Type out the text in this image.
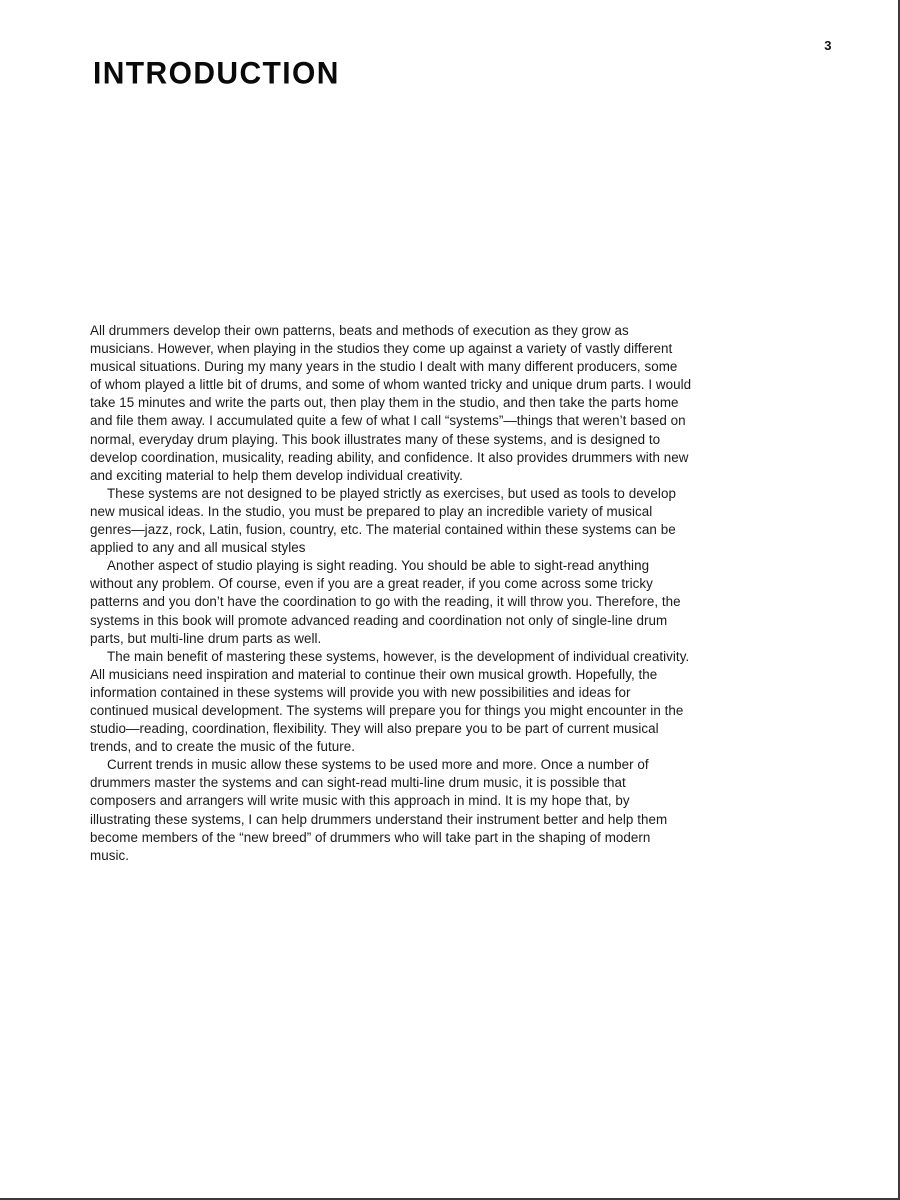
3
INTRODUCTION

All drummers develop their own patterns, beats and methods of execution as they grow as musicians. However, when playing in the studios they come up against a variety of vastly different musical situations. During my many years in the studio I dealt with many different producers, some of whom played a little bit of drums, and some of whom wanted tricky and unique drum parts. I would take 15 minutes and write the parts out, then play them in the studio, and then take the parts home and file them away. I accumulated quite a few of what I call “systems”—things that weren’t based on normal, everyday drum playing. This book illustrates many of these systems, and is designed to develop coordination, musicality, reading ability, and confidence. It also provides drummers with new and exciting material to help them develop individual creativity.

These systems are not designed to be played strictly as exercises, but used as tools to develop new musical ideas. In the studio, you must be prepared to play an incredible variety of musical genres—jazz, rock, Latin, fusion, country, etc. The material contained within these systems can be applied to any and all musical styles

Another aspect of studio playing is sight reading. You should be able to sight-read anything without any problem. Of course, even if you are a great reader, if you come across some tricky patterns and you don’t have the coordination to go with the reading, it will throw you. Therefore, the systems in this book will promote advanced reading and coordination not only of single-line drum parts, but multi-line drum parts as well.

The main benefit of mastering these systems, however, is the development of individual creativity. All musicians need inspiration and material to continue their own musical growth. Hopefully, the information contained in these systems will provide you with new possibilities and ideas for continued musical development. The systems will prepare you for things you might encounter in the studio—reading, coordination, flexibility. They will also prepare you to be part of current musical trends, and to create the music of the future.

Current trends in music allow these systems to be used more and more. Once a number of drummers master the systems and can sight-read multi-line drum music, it is possible that composers and arrangers will write music with this approach in mind. It is my hope that, by illustrating these systems, I can help drummers understand their instrument better and help them become members of the “new breed” of drummers who will take part in the shaping of modern music.
